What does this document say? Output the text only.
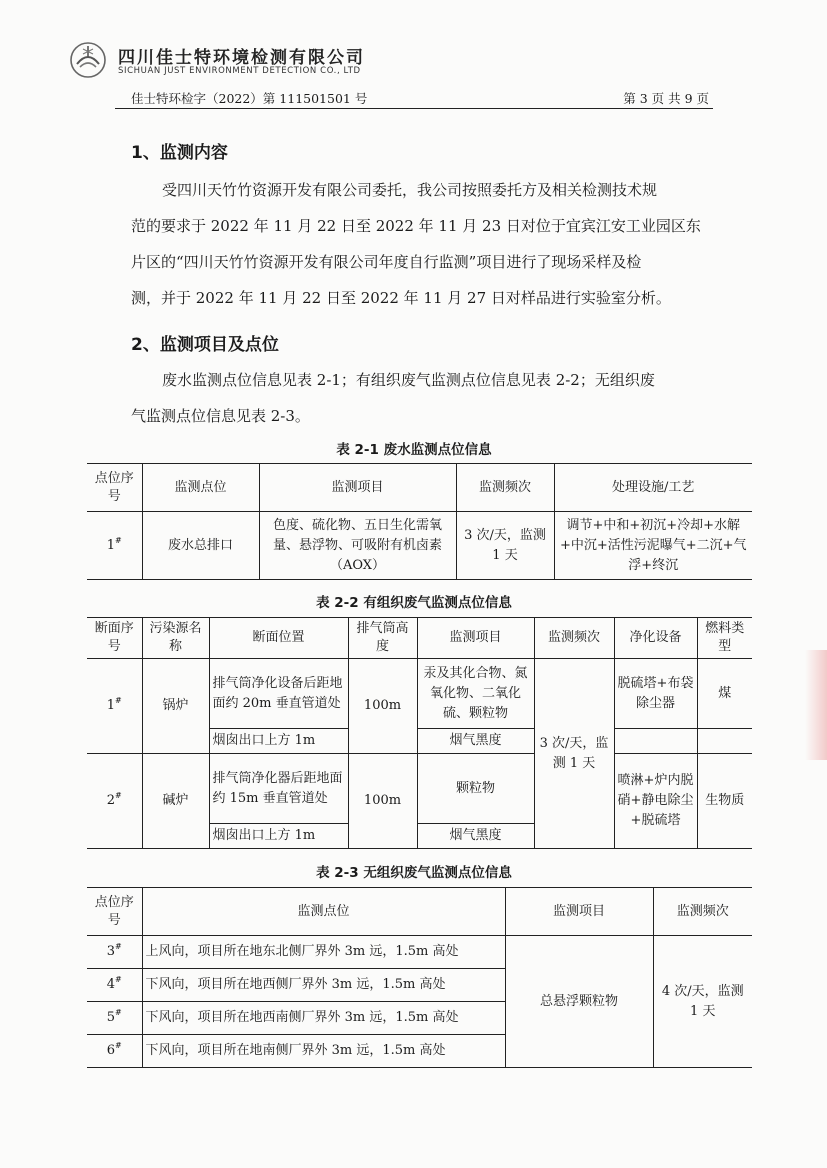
四川佳士特环境检测有限公司
SICHUAN JUST ENVIRONMENT DETECTION CO., LTD
佳士特环检字（2022）第 111501501 号	第 3 页 共 9 页
1、监测内容
受四川天竹竹资源开发有限公司委托，我公司按照委托方及相关检测技术规
范的要求于 2022 年 11 月 22 日至 2022 年 11 月 23 日对位于宜宾江安工业园区东
片区的“四川天竹竹资源开发有限公司年度自行监测”项目进行了现场采样及检
测，并于 2022 年 11 月 22 日至 2022 年 11 月 27 日对样品进行实验室分析。
2、监测项目及点位
废水监测点位信息见表 2-1；有组织废气监测点位信息见表 2-2；无组织废
气监测点位信息见表 2-3。
表 2-1 废水监测点位信息
点位序号	监测点位	监测项目	监测频次	处理设施/工艺
1#	废水总排口	色度、硫化物、五日生化需氧量、悬浮物、可吸附有机卤素（AOX）	3 次/天，监测 1 天	调节+中和+初沉+冷却+水解+中沉+活性污泥曝气+二沉+气浮+终沉
表 2-2 有组织废气监测点位信息
断面序号	污染源名称	断面位置	排气筒高度	监测项目	监测频次	净化设备	燃料类型
1#	锅炉	排气筒净化设备后距地面约 20m 垂直管道处	100m	汞及其化合物、氮氧化物、二氧化硫、颗粒物	3 次/天，监测 1 天	脱硫塔+布袋除尘器	煤
		烟囱出口上方 1m		烟气黑度			
2#	碱炉	排气筒净化器后距地面约 15m 垂直管道处	100m	颗粒物		喷淋+炉内脱硝+静电除尘+脱硫塔	生物质
		烟囱出口上方 1m		烟气黑度			
表 2-3 无组织废气监测点位信息
点位序号	监测点位	监测项目	监测频次
3#	上风向，项目所在地东北侧厂界外 3m 远，1.5m 高处	总悬浮颗粒物	4 次/天，监测 1 天
4#	下风向，项目所在地西侧厂界外 3m 远，1.5m 高处		
5#	下风向，项目所在地西南侧厂界外 3m 远，1.5m 高处		
6#	下风向，项目所在地南侧厂界外 3m 远，1.5m 高处		
